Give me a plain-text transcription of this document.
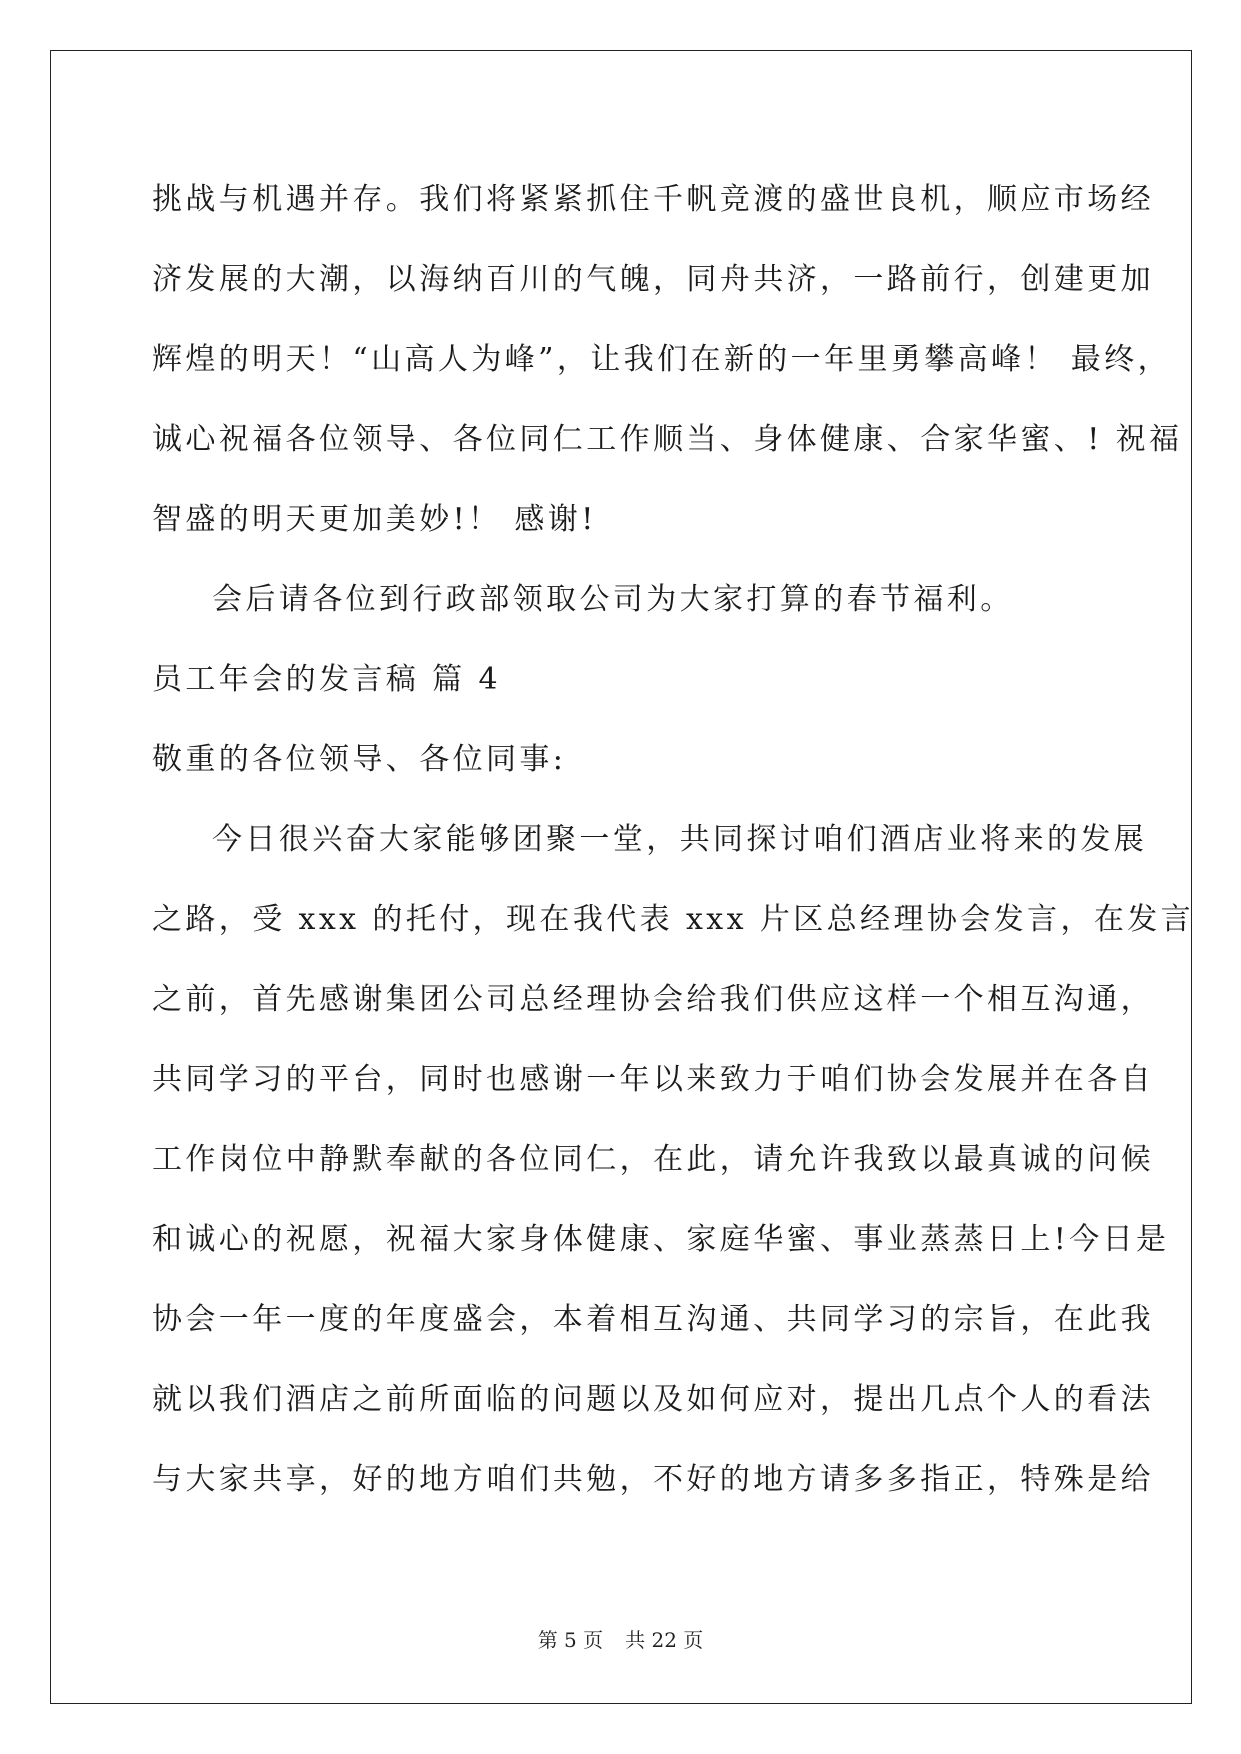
挑战与机遇并存。我们将紧紧抓住千帆竞渡的盛世良机，顺应市场经
济发展的大潮，以海纳百川的气魄，同舟共济，一路前行，创建更加
辉煌的明天！“山高人为峰”，让我们在新的一年里勇攀高峰！ 最终，
诚心祝福各位领导、各位同仁工作顺当、身体健康、合家华蜜、! 祝福
智盛的明天更加美妙!！ 感谢!
会后请各位到行政部领取公司为大家打算的春节福利。
员工年会的发言稿 篇 4
敬重的各位领导、各位同事:
今日很兴奋大家能够团聚一堂，共同探讨咱们酒店业将来的发展
之路，受 xxx 的托付，现在我代表 xxx 片区总经理协会发言，在发言
之前，首先感谢集团公司总经理协会给我们供应这样一个相互沟通，
共同学习的平台，同时也感谢一年以来致力于咱们协会发展并在各自
工作岗位中静默奉献的各位同仁，在此，请允许我致以最真诚的问候
和诚心的祝愿，祝福大家身体健康、家庭华蜜、事业蒸蒸日上!今日是
协会一年一度的年度盛会，本着相互沟通、共同学习的宗旨，在此我
就以我们酒店之前所面临的问题以及如何应对，提出几点个人的看法
与大家共享，好的地方咱们共勉，不好的地方请多多指正，特殊是给
第 5 页 共 22 页
